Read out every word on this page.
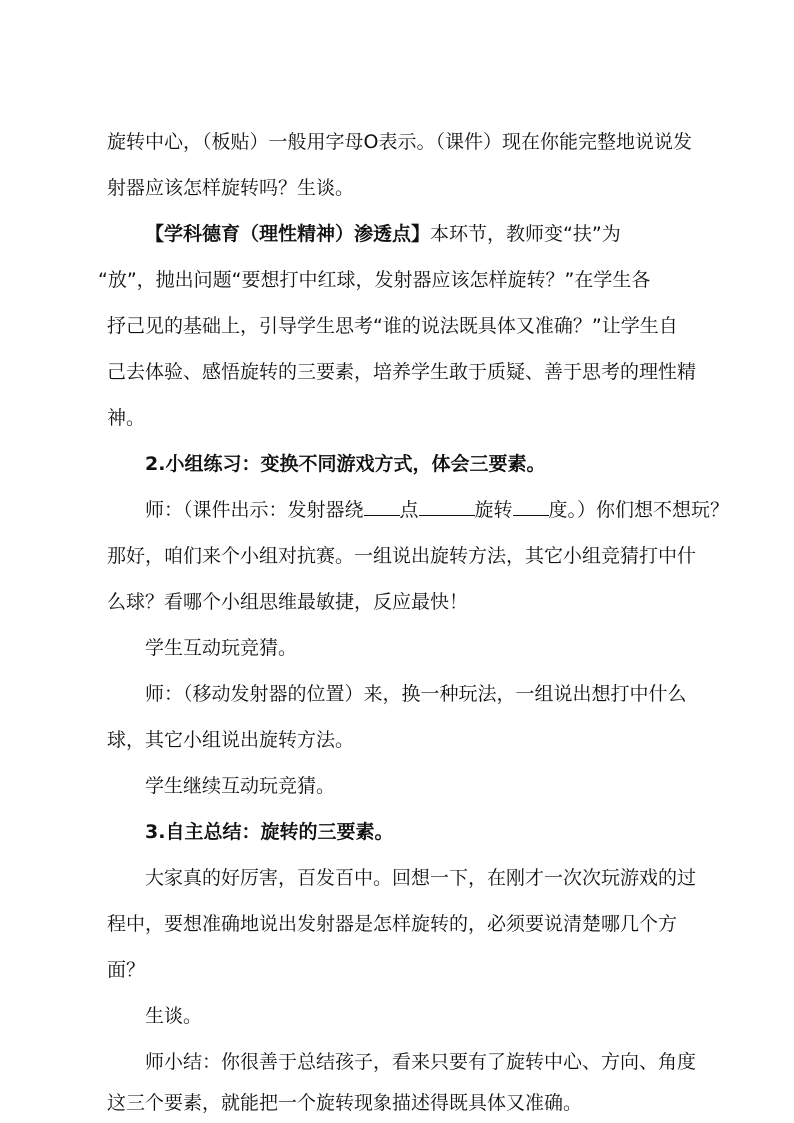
旋转中心，（板贴）一般用字母O表示。（课件）现在你能完整地说说发
射器应该怎样旋转吗？生谈。
【学科德育（理性精神）渗透点】本环节，教师变“扶”为
“放”，抛出问题“要想打中红球，发射器应该怎样旋转？”在学生各
抒己见的基础上，引导学生思考“谁的说法既具体又准确？”让学生自
己去体验、感悟旋转的三要素，培养学生敢于质疑、善于思考的理性精
神。
2.小组练习：变换不同游戏方式，体会三要素。
师：（课件出示：发射器绕 点	旋转 度。）你们想不想玩？
那好，咱们来个小组对抗赛。一组说出旋转方法，其它小组竞猜打中什
么球？看哪个小组思维最敏捷，反应最快！
学生互动玩竞猜。
师：（移动发射器的位置）来，换一种玩法，一组说出想打中什么
球，其它小组说出旋转方法。
学生继续互动玩竞猜。
3.自主总结：旋转的三要素。
大家真的好厉害，百发百中。回想一下，在刚才一次次玩游戏的过
程中，要想准确地说出发射器是怎样旋转的，必须要说清楚哪几个方
面？
生谈。
师小结：你很善于总结孩子，看来只要有了旋转中心、方向、角度
这三个要素，就能把一个旋转现象描述得既具体又准确。
